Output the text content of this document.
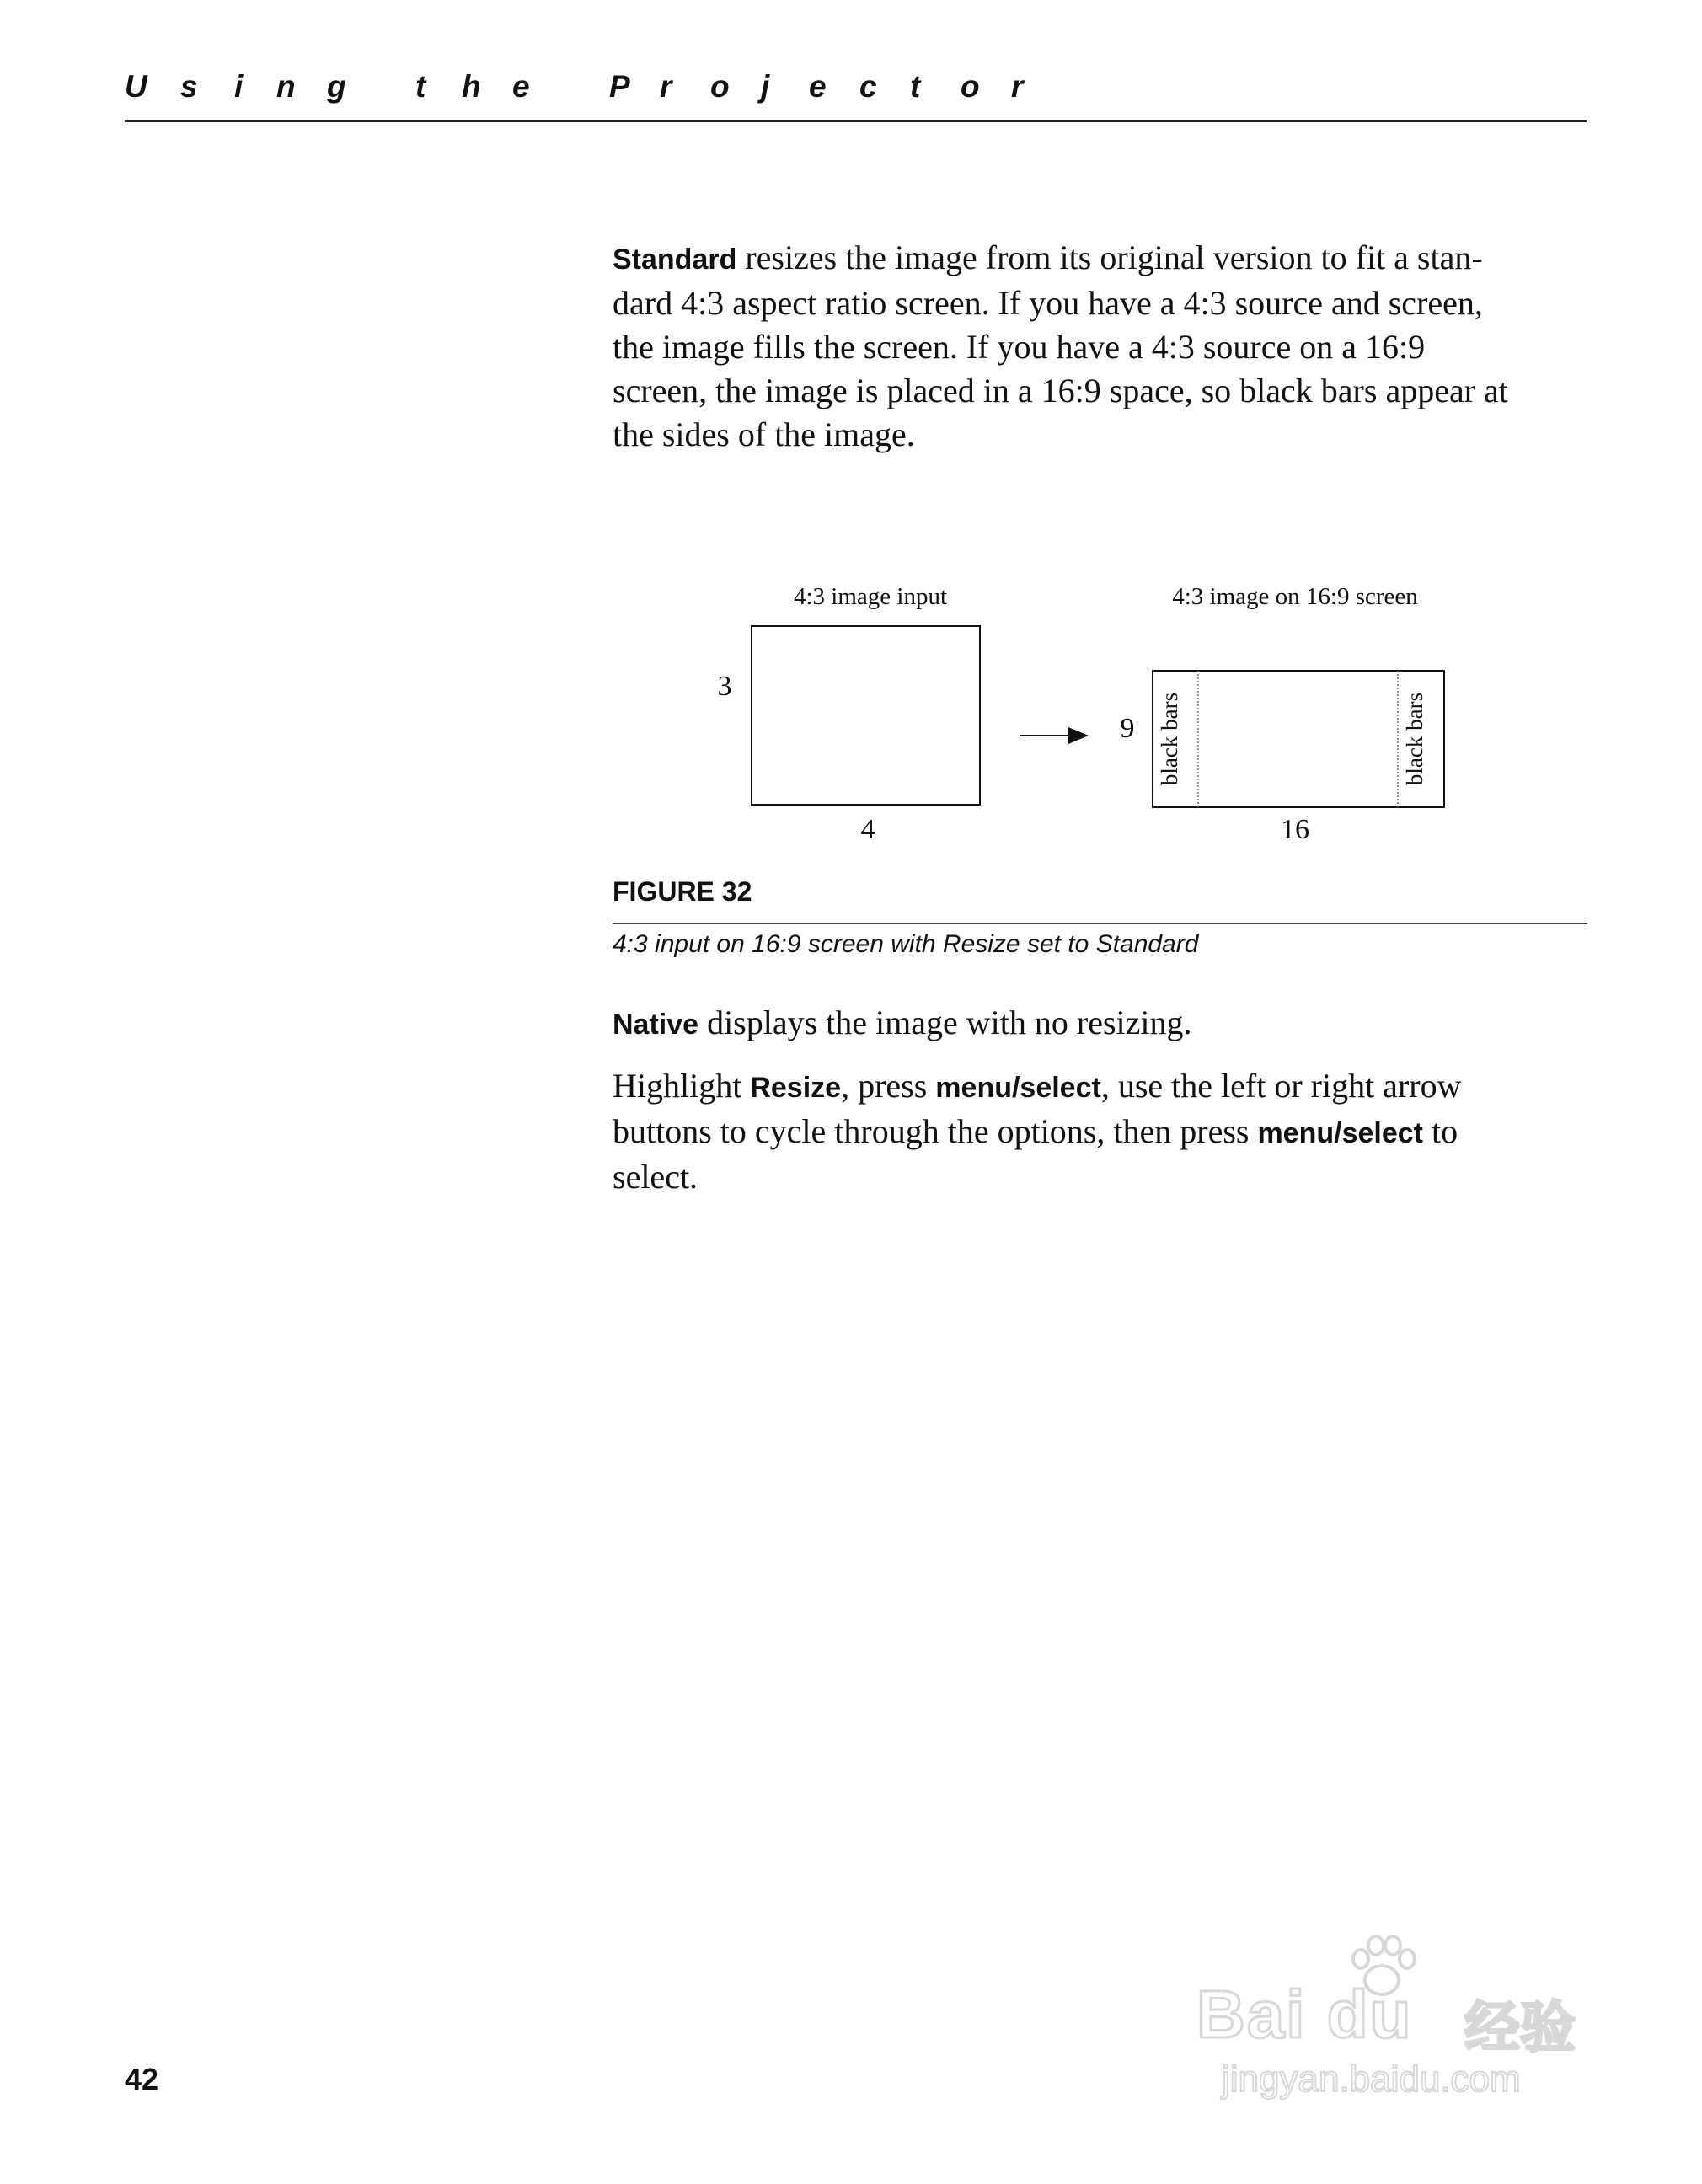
U s i n g t h e	P r o j e c t o r
Standard resizes the image from its original version to fit a stan-
dard 4:3 aspect ratio screen. If you have a 4:3 source and screen,
the image fills the screen. If you have a 4:3 source on a 16:9
screen, the image is placed in a 16:9 space, so black bars appear at
the sides of the image.
4:3 image input	4:3 image on 16:9 screen
3
4
black bars	black bars
9
16
FIGURE 32
4:3 input on 16:9 screen with Resize set to Standard
Native displays the image with no resizing.
Highlight Resize, press menu/select, use the left or right arrow
buttons to cycle through the options, then press menu/select to
select.
42
Bai du 经验
jingyan.baidu.com
